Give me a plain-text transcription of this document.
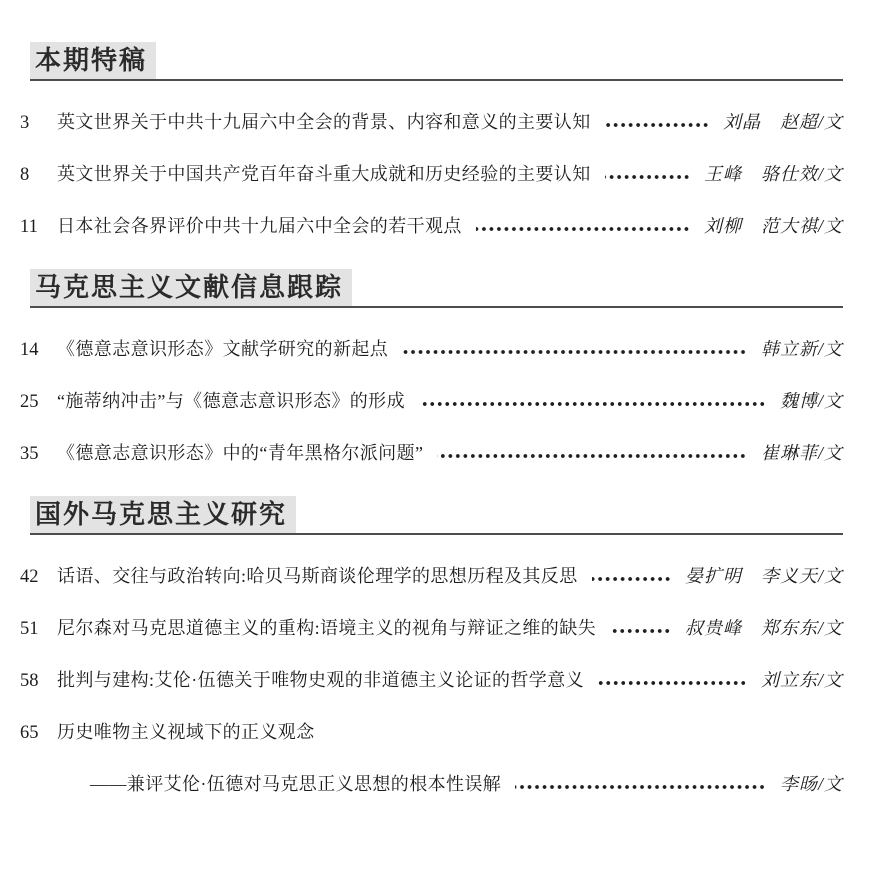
本期特稿
3	英文世界关于中共十九届六中全会的背景、内容和意义的主要认知	刘晶　赵超/文
8	英文世界关于中国共产党百年奋斗重大成就和历史经验的主要认知	王峰　骆仕效/文
11	日本社会各界评价中共十九届六中全会的若干观点	刘柳　范大祺/文
马克思主义文献信息跟踪
14	《德意志意识形态》文献学研究的新起点	韩立新/文
25	“施蒂纳冲击”与《德意志意识形态》的形成	魏博/文
35	《德意志意识形态》中的“青年黑格尔派问题”	崔琳菲/文
国外马克思主义研究
42	话语、交往与政治转向:哈贝马斯商谈伦理学的思想历程及其反思	晏扩明　李义天/文
51	尼尔森对马克思道德主义的重构:语境主义的视角与辩证之维的缺失	叔贵峰　郑东东/文
58	批判与建构:艾伦·伍德关于唯物史观的非道德主义论证的哲学意义	刘立东/文
65	历史唯物主义视域下的正义观念
——兼评艾伦·伍德对马克思正义思想的根本性误解	李旸/文
